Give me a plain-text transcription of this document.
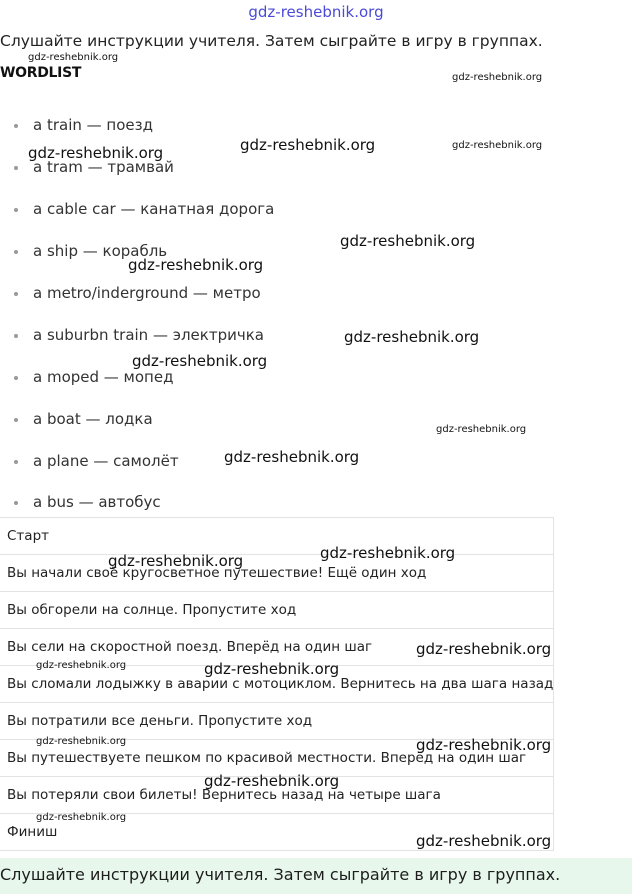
gdz-reshebnik.org
Слушайте инструкции учителя. Затем сыграйте в игру в группах.
WORDLIST
a train — поезд
a tram — трамвай
a cable car — канатная дорога
a ship — корабль
a metro/inderground — метро
a suburbn train — электричка
a moped — мопед
a boat — лодка
a plane — самолёт
a bus — автобус
Старт
Вы начали своё кругосветное путешествие! Ещё один ход
Вы обгорели на солнце. Пропустите ход
Вы сели на скоростной поезд. Вперёд на один шаг
Вы сломали лодыжку в аварии с мотоциклом. Вернитесь на два шага назад
Вы потратили все деньги. Пропустите ход
Вы путешествуете пешком по красивой местности. Вперёд на один шаг
Вы потеряли свои билеты! Вернитесь назад на четыре шага
Финиш
Слушайте инструкции учителя. Затем сыграйте в игру в группах.
gdz-reshebnik.org
gdz-reshebnik.org
gdz-reshebnik.org	gdz-reshebnik.org	gdz-reshebnik.org
gdz-reshebnik.org
gdz-reshebnik.org
gdz-reshebnik.org
gdz-reshebnik.org
gdz-reshebnik.org
gdz-reshebnik.org
gdz-reshebnik.org	gdz-reshebnik.org
gdz-reshebnik.org
gdz-reshebnik.org	gdz-reshebnik.org
gdz-reshebnik.org	gdz-reshebnik.org
gdz-reshebnik.org
gdz-reshebnik.org
gdz-reshebnik.org
